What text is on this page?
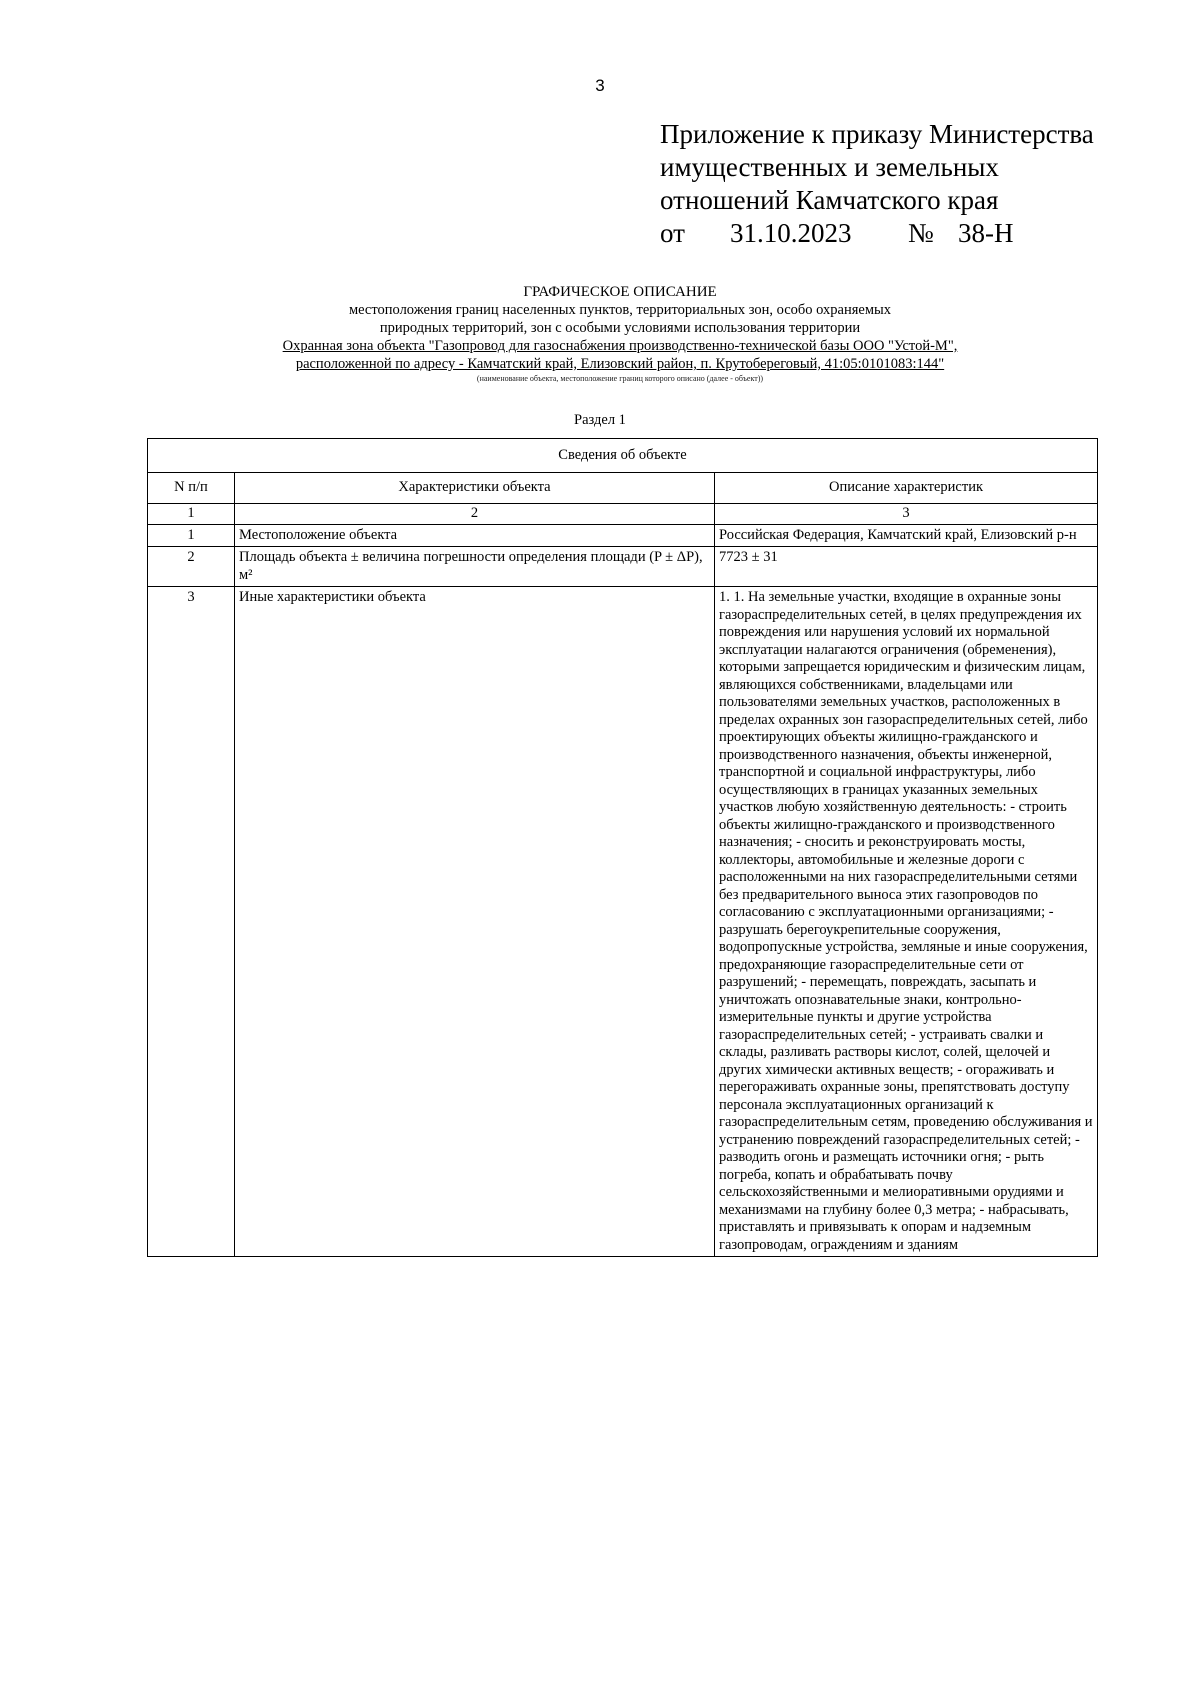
3
Приложение к приказу Министерства
имущественных и земельных
отношений Камчатского края
от	31.10.2023	№ 38-Н
ГРАФИЧЕСКОЕ ОПИСАНИЕ
местоположения границ населенных пунктов, территориальных зон, особо охраняемых
природных территорий, зон с особыми условиями использования территории
Охранная зона объекта "Газопровод для газоснабжения производственно-технической базы ООО "Устой-М",
расположенной по адресу - Камчатский край, Елизовский район, п. Крутобереговый, 41:05:0101083:144"
(наименование объекта, местоположение границ которого описано (далее - объект))
Раздел 1
Сведения об объекте		
N п/п	Характеристики объекта	Описание характеристик
1	2	3
1	Местоположение объекта	Российская Федерация, Камчатский край, Елизовский р-н
2	Площадь объекта ± величина погрешности определения площади (P ± ΔP), м²	7723 ± 31
3	Иные характеристики объекта	1. 1. На земельные участки, входящие в охранные зоны газораспределительных сетей, в целях предупреждения их повреждения или нарушения условий их нормальной эксплуатации налагаются ограничения (обременения), которыми запрещается юридическим и физическим лицам, являющихся собственниками, владельцами или пользователями земельных участков, расположенных в пределах охранных зон газораспределительных сетей, либо проектирующих объекты жилищно-гражданского и производственного назначения, объекты инженерной, транспортной и социальной инфраструктуры, либо осуществляющих в границах указанных земельных участков любую хозяйственную деятельность: - строить объекты жилищно-гражданского и производственного назначения; - сносить и реконструировать мосты, коллекторы, автомобильные и железные дороги с расположенными на них газораспределительными сетями без предварительного выноса этих газопроводов по согласованию с эксплуатационными организациями; - разрушать берегоукрепительные сооружения, водопропускные устройства, земляные и иные сооружения, предохраняющие газораспределительные сети от разрушений; - перемещать, повреждать, засыпать и уничтожать опознавательные знаки, контрольно-измерительные пункты и другие устройства газораспределительных сетей; - устраивать свалки и склады, разливать растворы кислот, солей, щелочей и других химически активных веществ; - огораживать и перегораживать охранные зоны, препятствовать доступу персонала эксплуатационных организаций к газораспределительным сетям, проведению обслуживания и устранению повреждений газораспределительных сетей; - разводить огонь и размещать источники огня; - рыть погреба, копать и обрабатывать почву сельскохозяйственными и мелиоративными орудиями и механизмами на глубину более 0,3 метра; - набрасывать, приставлять и привязывать к опорам и надземным газопроводам, ограждениям и зданиям
